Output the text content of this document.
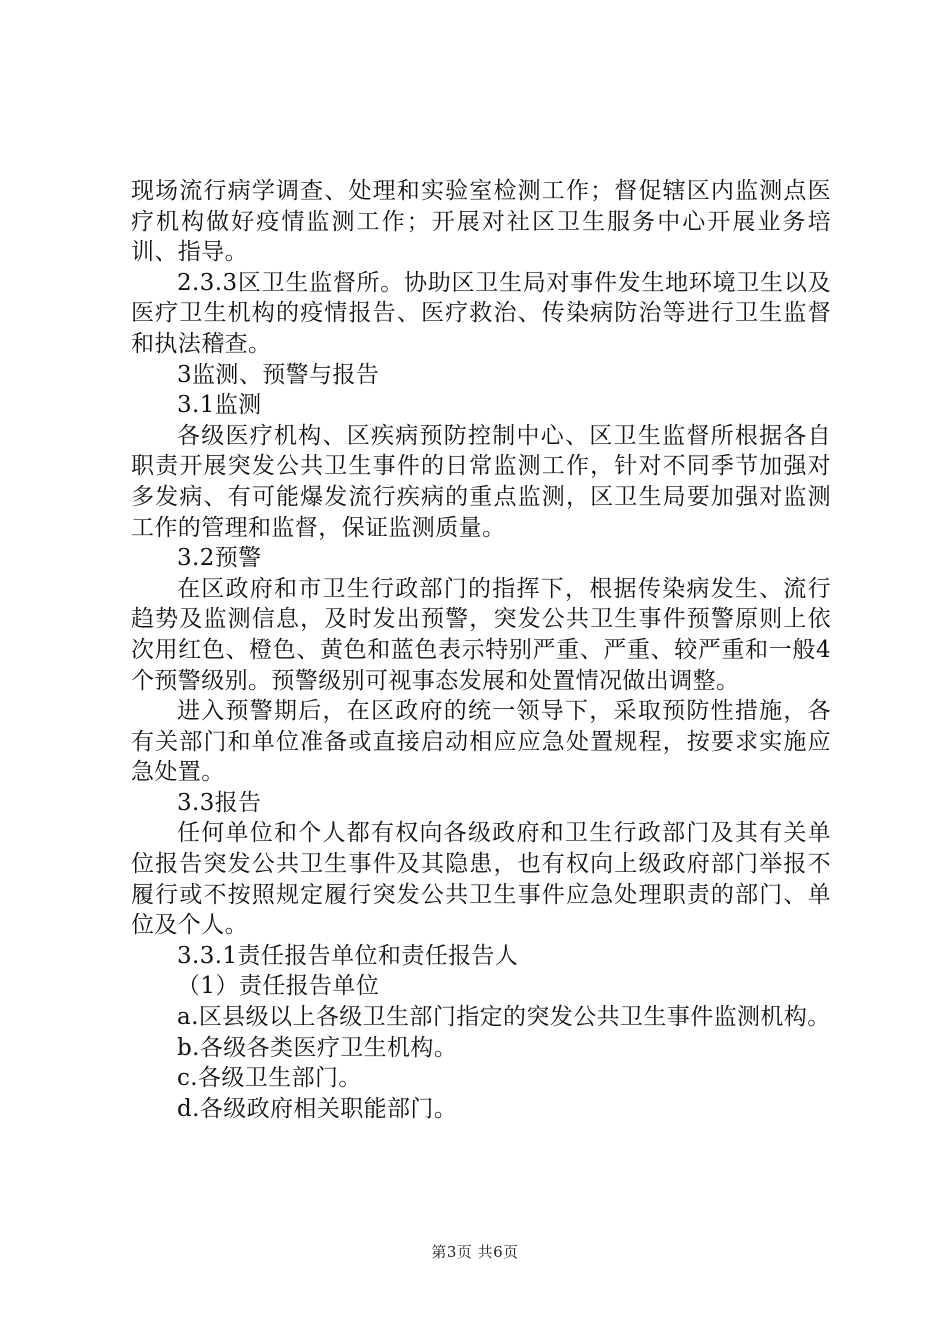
现场流行病学调查、处理和实验室检测工作；督促辖区内监测点医疗机构做好疫情监测工作；开展对社区卫生服务中心开展业务培训、指导。

2.3.3区卫生监督所。协助区卫生局对事件发生地环境卫生以及医疗卫生机构的疫情报告、医疗救治、传染病防治等进行卫生监督和执法稽查。

3监测、预警与报告

3.1监测

各级医疗机构、区疾病预防控制中心、区卫生监督所根据各自职责开展突发公共卫生事件的日常监测工作，针对不同季节加强对多发病、有可能爆发流行疾病的重点监测，区卫生局要加强对监测工作的管理和监督，保证监测质量。

3.2预警

在区政府和市卫生行政部门的指挥下，根据传染病发生、流行趋势及监测信息，及时发出预警，突发公共卫生事件预警原则上依次用红色、橙色、黄色和蓝色表示特别严重、严重、较严重和一般4个预警级别。预警级别可视事态发展和处置情况做出调整。

进入预警期后，在区政府的统一领导下，采取预防性措施，各有关部门和单位准备或直接启动相应应急处置规程，按要求实施应急处置。

3.3报告

任何单位和个人都有权向各级政府和卫生行政部门及其有关单位报告突发公共卫生事件及其隐患，也有权向上级政府部门举报不履行或不按照规定履行突发公共卫生事件应急处理职责的部门、单位及个人。

3.3.1责任报告单位和责任报告人

（1）责任报告单位

a.区县级以上各级卫生部门指定的突发公共卫生事件监测机构。

b.各级各类医疗卫生机构。

c.各级卫生部门。

d.各级政府相关职能部门。

第3页 共6页
